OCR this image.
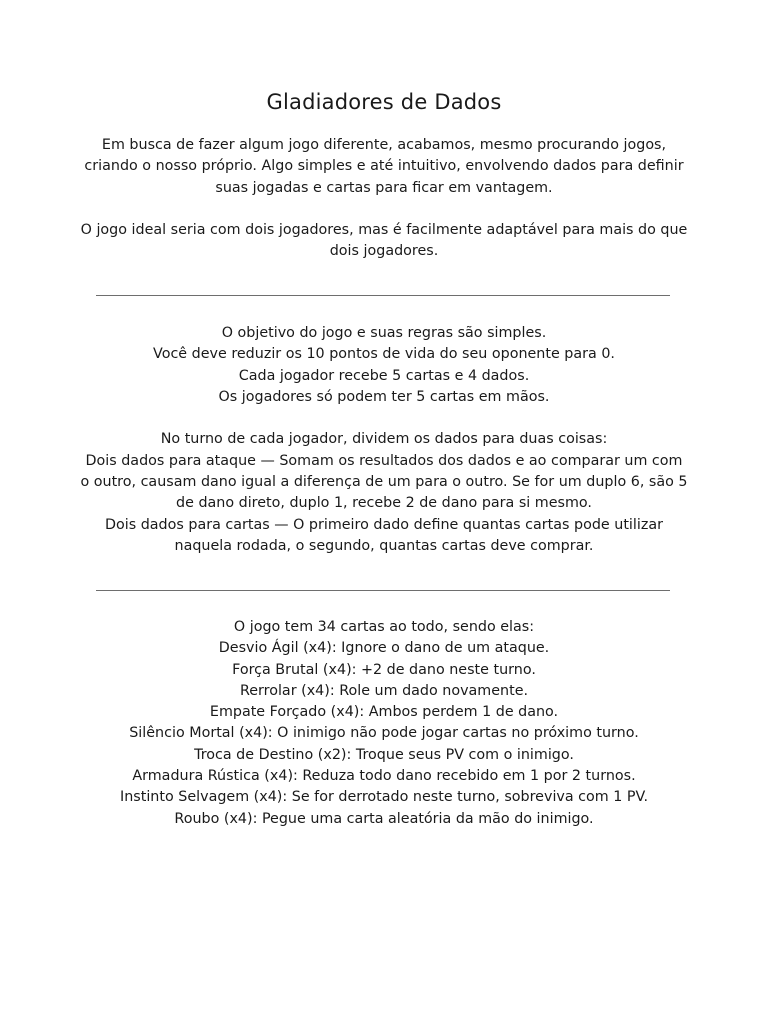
Gladiadores de Dados

Em busca de fazer algum jogo diferente, acabamos, mesmo procurando jogos, criando o nosso próprio. Algo simples e até intuitivo, envolvendo dados para definir suas jogadas e cartas para ficar em vantagem.

O jogo ideal seria com dois jogadores, mas é facilmente adaptável para mais do que dois jogadores.

O objetivo do jogo e suas regras são simples.
Você deve reduzir os 10 pontos de vida do seu oponente para 0.
Cada jogador recebe 5 cartas e 4 dados.
Os jogadores só podem ter 5 cartas em mãos.
No turno de cada jogador, dividem os dados para duas coisas:
Dois dados para ataque — Somam os resultados dos dados e ao comparar um com o outro, causam dano igual a diferença de um para o outro. Se for um duplo 6, são 5 de dano direto, duplo 1, recebe 2 de dano para si mesmo.
Dois dados para cartas — O primeiro dado define quantas cartas pode utilizar naquela rodada, o segundo, quantas cartas deve comprar.
O jogo tem 34 cartas ao todo, sendo elas:
Desvio Ágil (x4): Ignore o dano de um ataque.
Força Brutal (x4): +2 de dano neste turno.
Rerrolar (x4): Role um dado novamente.
Empate Forçado (x4): Ambos perdem 1 de dano.
Silêncio Mortal (x4): O inimigo não pode jogar cartas no próximo turno.
Troca de Destino (x2): Troque seus PV com o inimigo.
Armadura Rústica (x4): Reduza todo dano recebido em 1 por 2 turnos.
Instinto Selvagem (x4): Se for derrotado neste turno, sobreviva com 1 PV.
Roubo (x4): Pegue uma carta aleatória da mão do inimigo.
